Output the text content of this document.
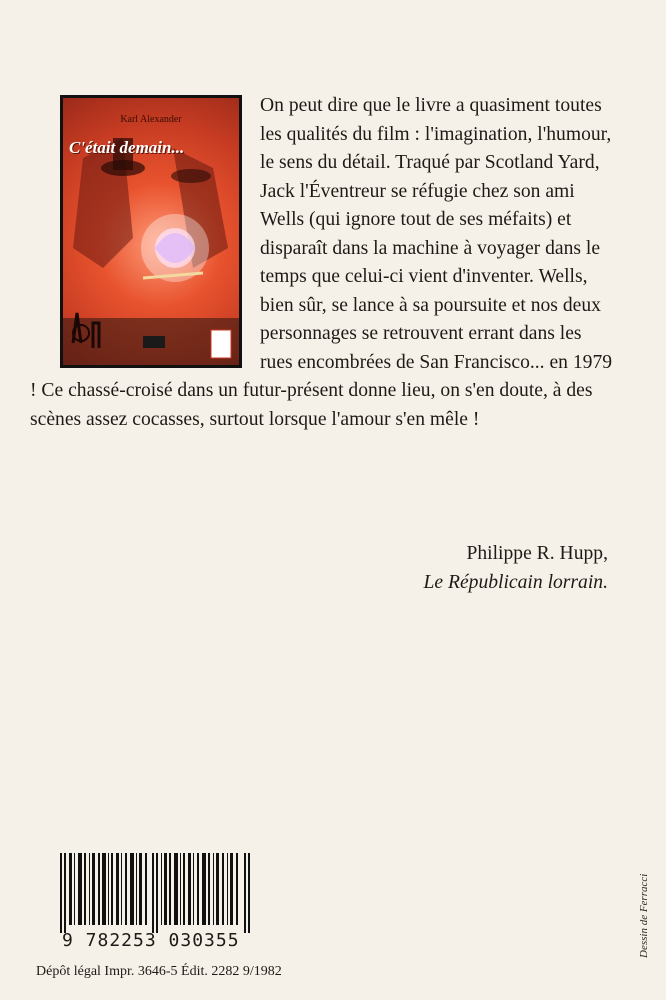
Karl Alexander
C'était demain...

On peut dire que le livre a quasiment toutes les qualités du film : l'imagination, l'humour, le sens du détail. Traqué par Scotland Yard, Jack l'Éventreur se réfugie chez son ami Wells (qui ignore tout de ses méfaits) et disparaît dans la machine à voyager dans le temps que celui-ci vient d'inventer. Wells, bien sûr, se lance à sa poursuite et nos deux personnages se retrouvent errant dans les rues encombrées de San Francisco... en 1979 ! Ce chassé-croisé dans un futur-présent donne lieu, on s'en doute, à des scènes assez cocasses, surtout lorsque l'amour s'en mêle !

Philippe R. Hupp,
Le Républicain lorrain.
9 782253 030355
Dépôt légal Impr. 3646-5 Édit. 2282 9/1982
Dessin de Ferracci
